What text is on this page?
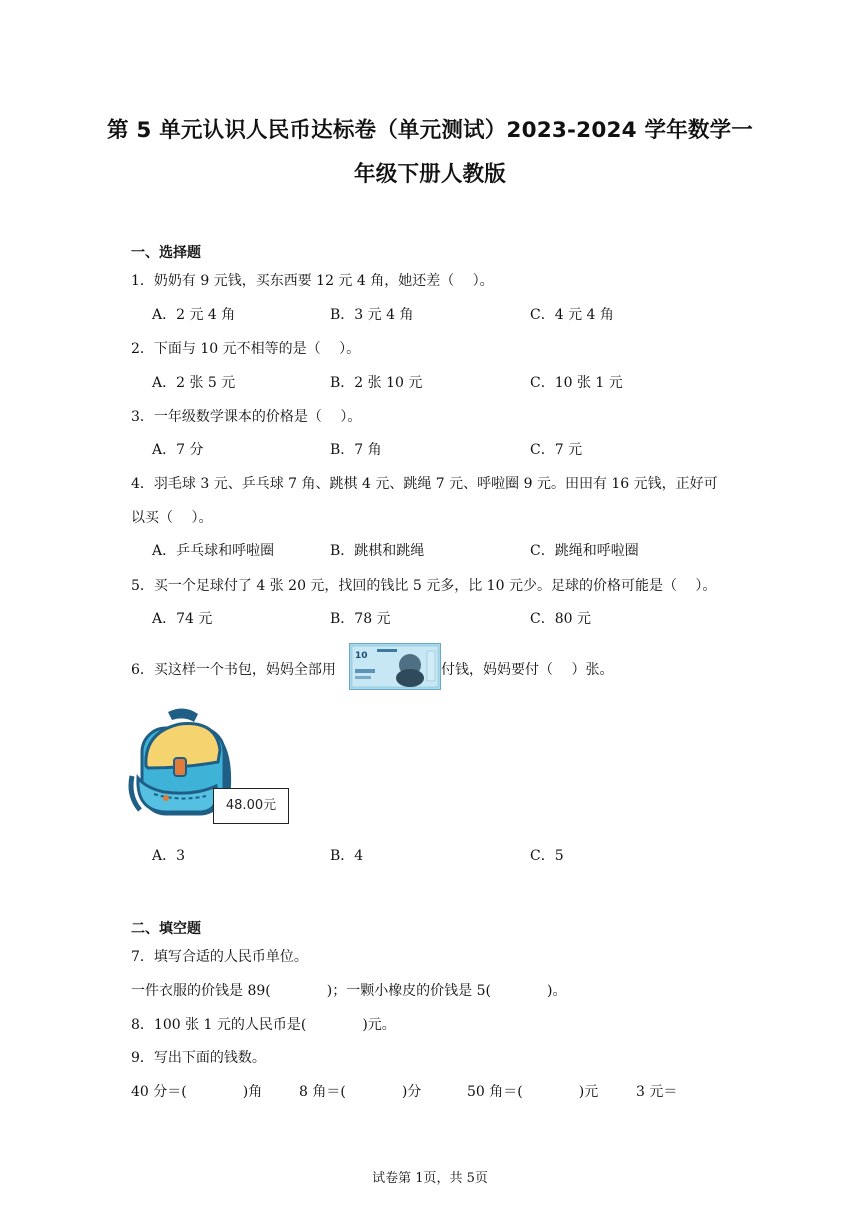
第 5 单元认识人民币达标卷（单元测试）2023-2024 学年数学一
年级下册人教版
一、选择题
1．奶奶有 9 元钱，买东西要 12 元 4 角，她还差（　 ）。
A．2 元 4 角	B．3 元 4 角	C．4 元 4 角
2．下面与 10 元不相等的是（　 ）。
A．2 张 5 元	B．2 张 10 元	C．10 张 1 元
3．一年级数学课本的价格是（　 ）。
A．7 分	B．7 角	C．7 元
4．羽毛球 3 元、乒乓球 7 角、跳棋 4 元、跳绳 7 元、呼啦圈 9 元。田田有 16 元钱，正好可
以买（　 ）。
A．乒乓球和呼啦圈	B．跳棋和跳绳	C．跳绳和呼啦圈
5．买一个足球付了 4 张 20 元，找回的钱比 5 元多，比 10 元少。足球的价格可能是（　 ）。
A．74 元	B．78 元	C．80 元
6．买这样一个书包，妈妈全部用
10
付钱，妈妈要付（　 ）张。
48.00元
A．3	B．4	C．5
二、填空题
7．填写合适的人民币单位。
一件衣服的价钱是 89(　　　　)；一颗小橡皮的价钱是 5(　　　　)。
8．100 张 1 元的人民币是(　　　　)元。
9．写出下面的钱数。
40 分＝(　　　　)角	8 角＝(　　　　)分	50 角＝(　　　　)元	3 元＝
试卷第 1页，共 5页
